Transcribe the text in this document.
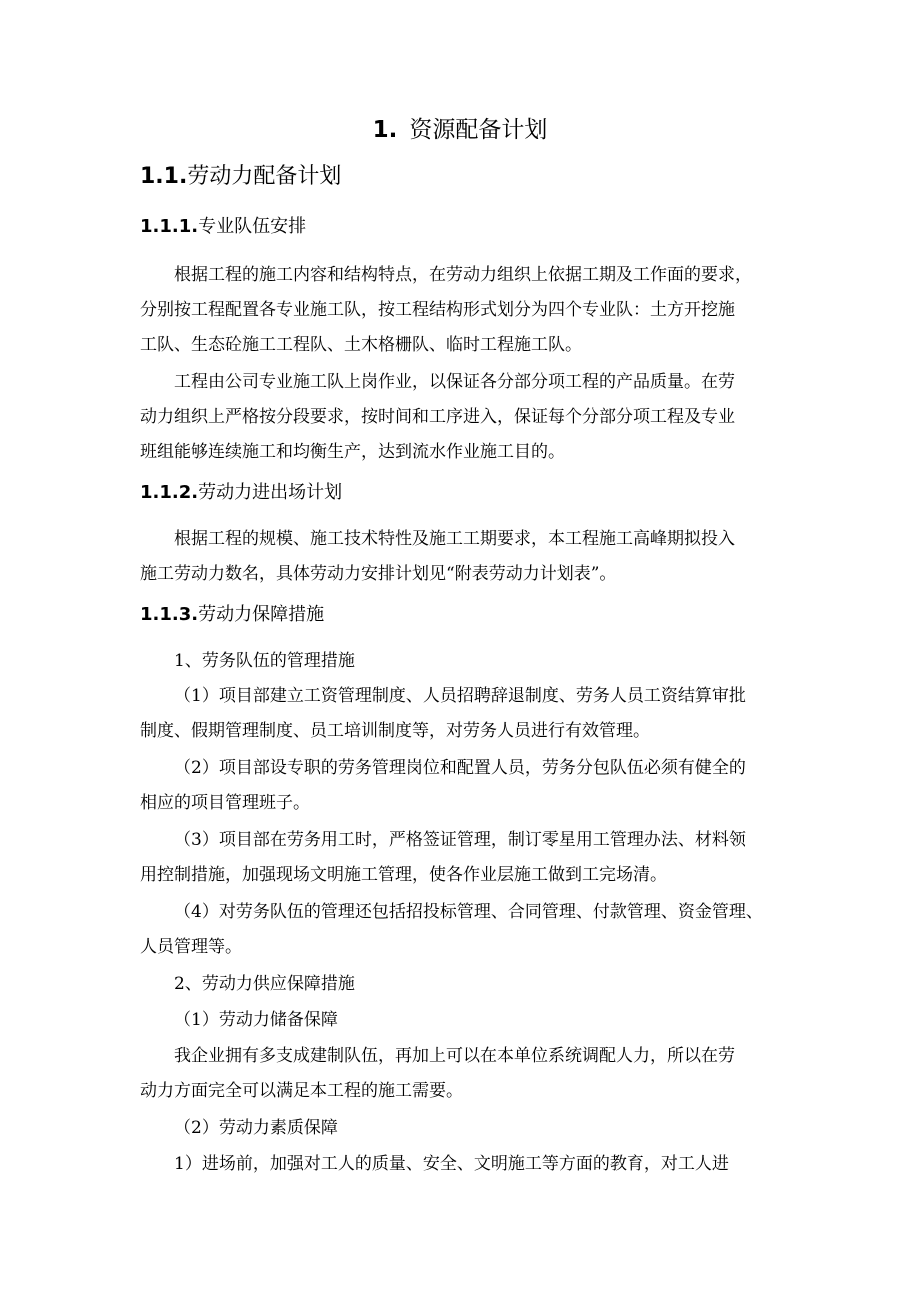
1. 资源配备计划
1.1.劳动力配备计划
1.1.1.专业队伍安排
根据工程的施工内容和结构特点，在劳动力组织上依据工期及工作面的要求，
分别按工程配置各专业施工队，按工程结构形式划分为四个专业队：土方开挖施
工队、生态砼施工工程队、土木格栅队、临时工程施工队。
工程由公司专业施工队上岗作业，以保证各分部分项工程的产品质量。在劳
动力组织上严格按分段要求，按时间和工序进入，保证每个分部分项工程及专业
班组能够连续施工和均衡生产，达到流水作业施工目的。
1.1.2.劳动力进出场计划
根据工程的规模、施工技术特性及施工工期要求，本工程施工高峰期拟投入
施工劳动力数名，具体劳动力安排计划见“附表劳动力计划表”。
1.1.3.劳动力保障措施
1、劳务队伍的管理措施
（1）项目部建立工资管理制度、人员招聘辞退制度、劳务人员工资结算审批
制度、假期管理制度、员工培训制度等，对劳务人员进行有效管理。
（2）项目部设专职的劳务管理岗位和配置人员，劳务分包队伍必须有健全的
相应的项目管理班子。
（3）项目部在劳务用工时，严格签证管理，制订零星用工管理办法、材料领
用控制措施，加强现场文明施工管理，使各作业层施工做到工完场清。
（4）对劳务队伍的管理还包括招投标管理、合同管理、付款管理、资金管理、
人员管理等。
2、劳动力供应保障措施
（1）劳动力储备保障
我企业拥有多支成建制队伍，再加上可以在本单位系统调配人力，所以在劳
动力方面完全可以满足本工程的施工需要。
（2）劳动力素质保障
1）进场前，加强对工人的质量、安全、文明施工等方面的教育，对工人进
